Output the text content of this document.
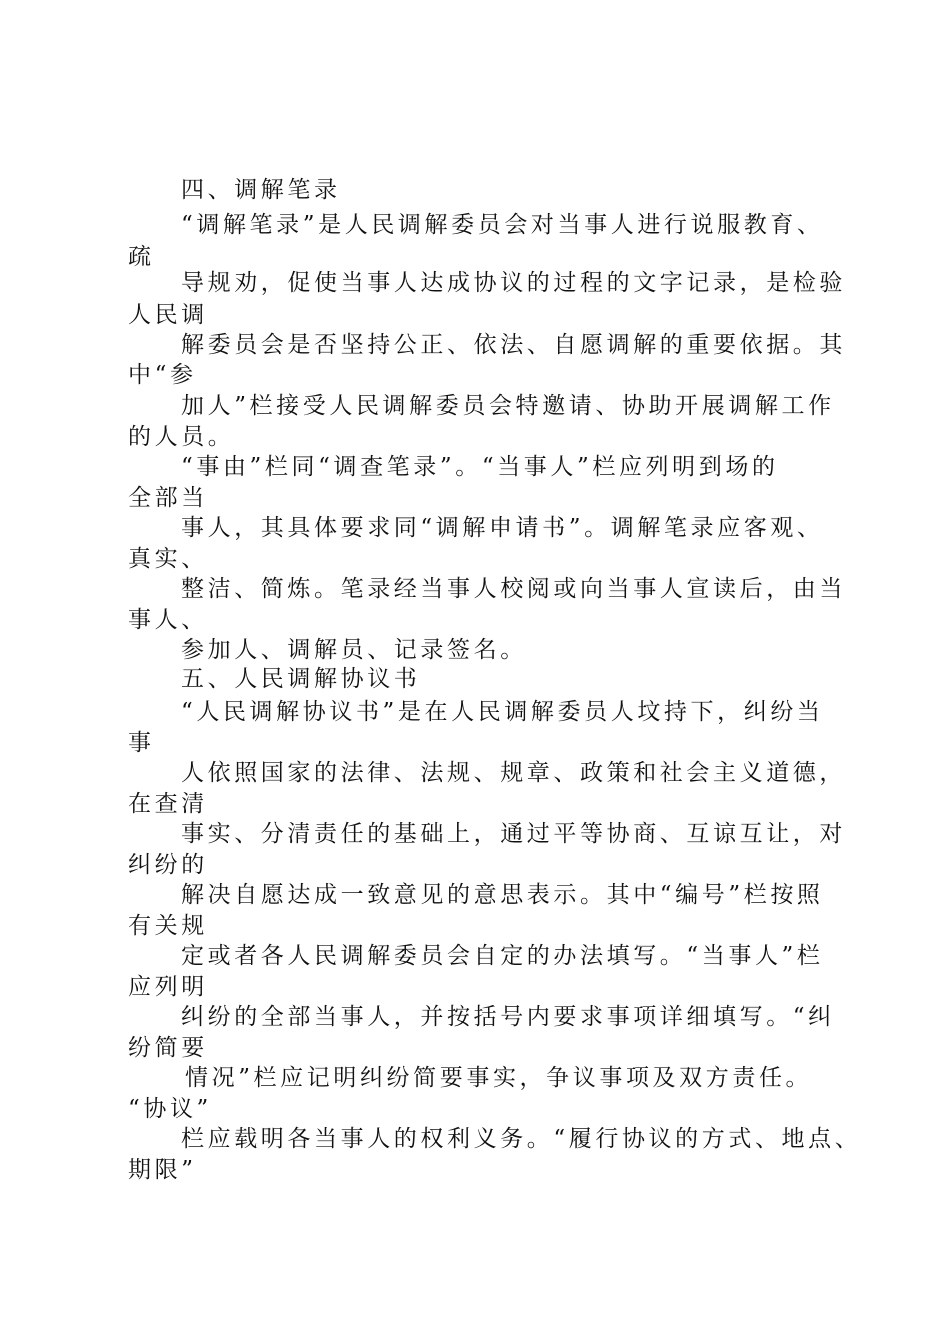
四、调解笔录
“调解笔录”是人民调解委员会对当事人进行说服教育、
疏
导规劝，促使当事人达成协议的过程的文字记录，是检验
人民调
解委员会是否坚持公正、依法、自愿调解的重要依据。其
中“参
加人”栏接受人民调解委员会特邀请、协助开展调解工作
的人员。
“事由”栏同“调查笔录”。“当事人”栏应列明到场的
全部当
事人，其具体要求同“调解申请书”。调解笔录应客观、
真实、
整洁、简炼。笔录经当事人校阅或向当事人宣读后，由当
事人、
参加人、调解员、记录签名。
五、人民调解协议书
“人民调解协议书”是在人民调解委员人坟持下，纠纷当
事
人依照国家的法律、法规、规章、政策和社会主义道德，
在查清
事实、分清责任的基础上，通过平等协商、互谅互让，对
纠纷的
解决自愿达成一致意见的意思表示。其中“编号”栏按照
有关规
定或者各人民调解委员会自定的办法填写。“当事人”栏
应列明
纠纷的全部当事人，并按括号内要求事项详细填写。“纠
纷简要
情况”栏应记明纠纷简要事实，争议事项及双方责任。
“协议”
栏应载明各当事人的权利义务。“履行协议的方式、地点、
期限”
